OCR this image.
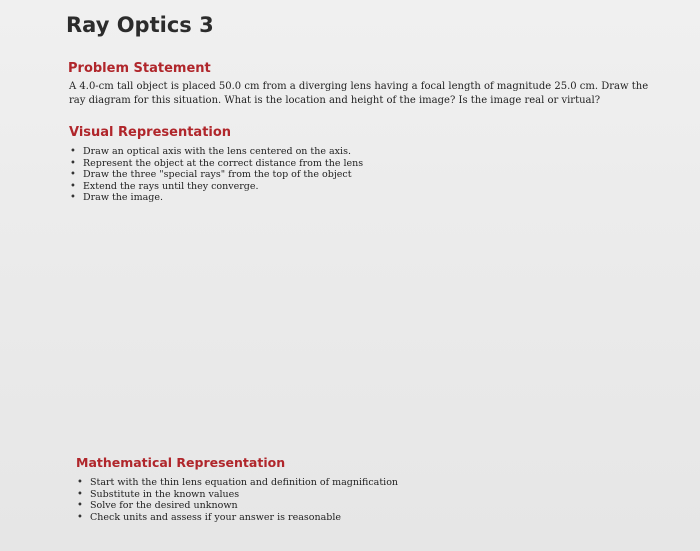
Ray Optics 3
Problem Statement

A 4.0-cm tall object is placed 50.0 cm from a diverging lens having a focal length of magnitude 25.0 cm. Draw the ray diagram for this situation. What is the location and height of the image? Is the image real or virtual?

Visual Representation
• Draw an optical axis with the lens centered on the axis.
• Represent the object at the correct distance from the lens
• Draw the three "special rays" from the top of the object
• Extend the rays until they converge.
• Draw the image.
Mathematical Representation
• Start with the thin lens equation and definition of magnification
• Substitute in the known values
• Solve for the desired unknown
• Check units and assess if your answer is reasonable
